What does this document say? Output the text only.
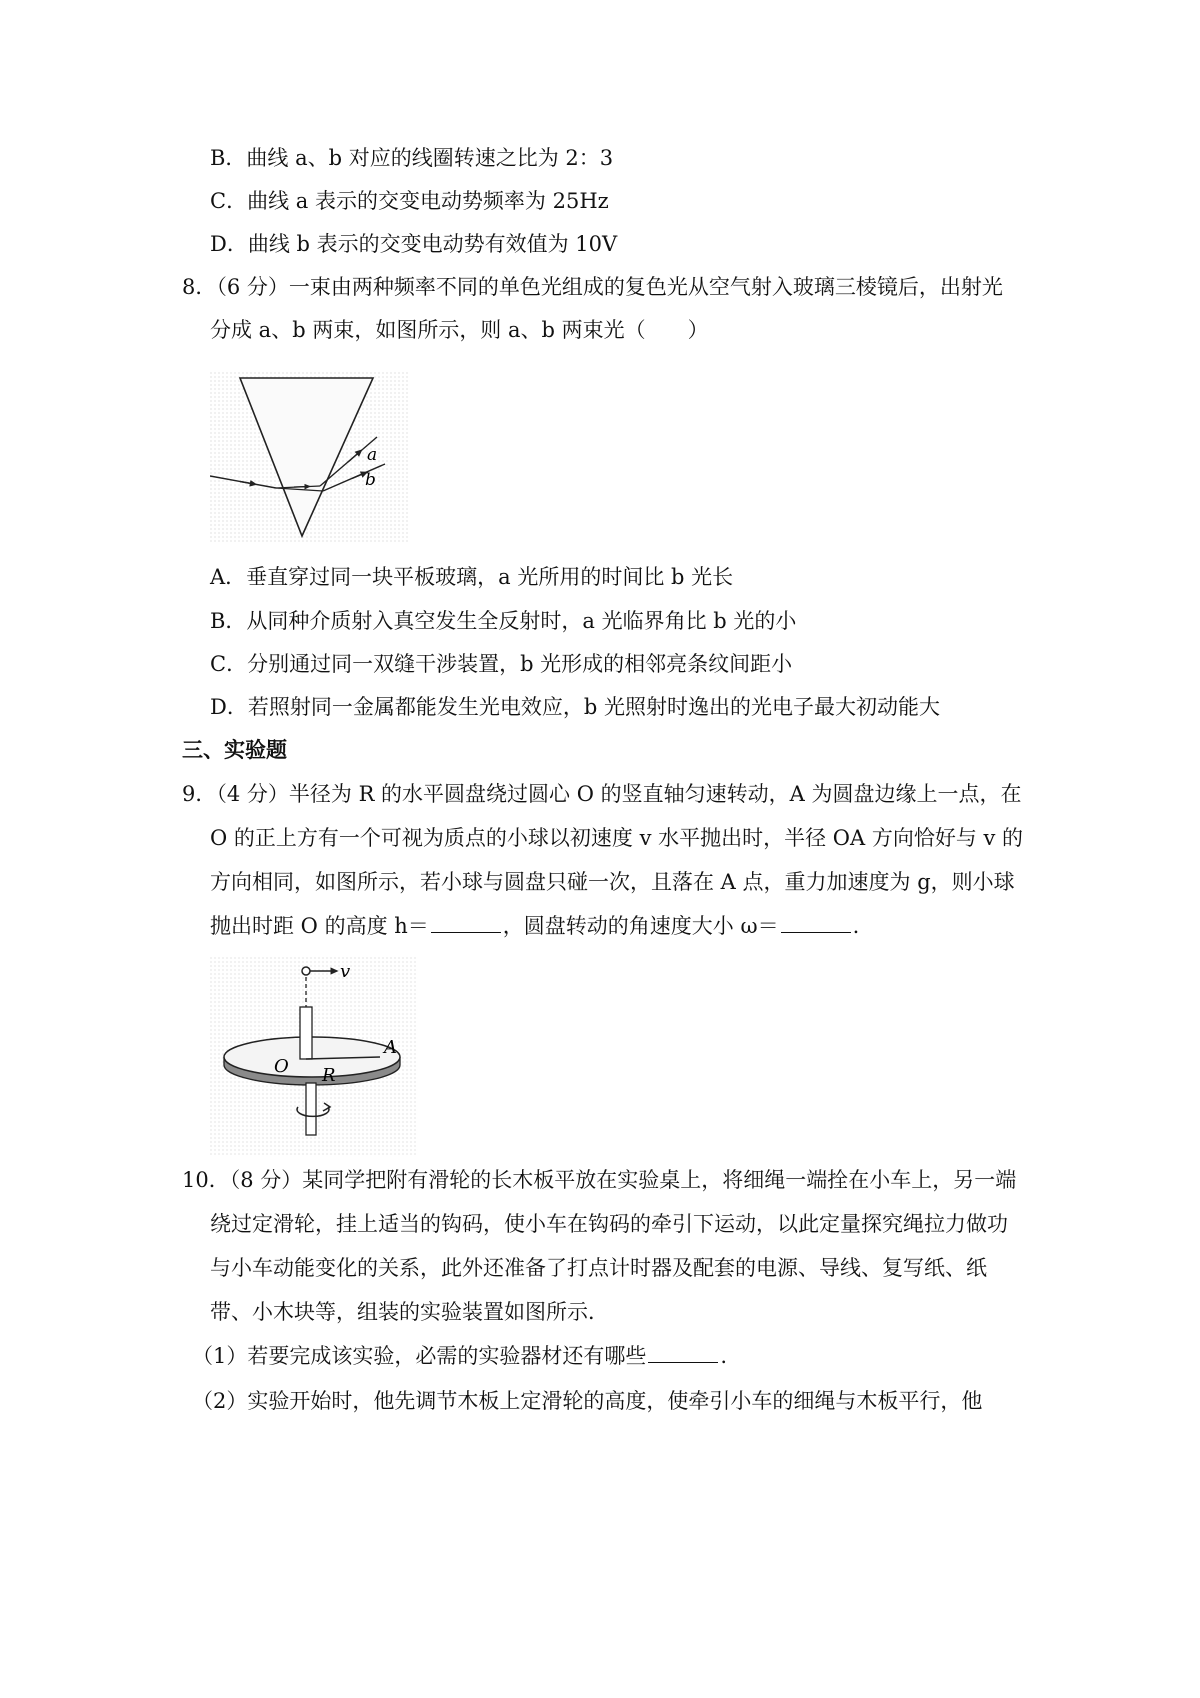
B．曲线 a、b 对应的线圈转速之比为 2：3
C．曲线 a 表示的交变电动势频率为 25Hz
D．曲线 b 表示的交变电动势有效值为 10V
8．（6 分）一束由两种频率不同的单色光组成的复色光从空气射入玻璃三棱镜后，出射光
分成 a、b 两束，如图所示，则 a、b 两束光（　　）
a
b
A．垂直穿过同一块平板玻璃，a 光所用的时间比 b 光长
B．从同种介质射入真空发生全反射时，a 光临界角比 b 光的小
C．分别通过同一双缝干涉装置，b 光形成的相邻亮条纹间距小
D．若照射同一金属都能发生光电效应，b 光照射时逸出的光电子最大初动能大
三、实验题
9．（4 分）半径为 R 的水平圆盘绕过圆心 O 的竖直轴匀速转动，A 为圆盘边缘上一点，在
O 的正上方有一个可视为质点的小球以初速度 v 水平抛出时，半径 OA 方向恰好与 v 的
方向相同，如图所示，若小球与圆盘只碰一次，且落在 A 点，重力加速度为 g，则小球
抛出时距 O 的高度 h＝	，圆盘转动的角速度大小 ω＝	.
v
O
A
R
10．（8 分）某同学把附有滑轮的长木板平放在实验桌上，将细绳一端拴在小车上，另一端
绕过定滑轮，挂上适当的钩码，使小车在钩码的牵引下运动，以此定量探究绳拉力做功
与小车动能变化的关系，此外还准备了打点计时器及配套的电源、导线、复写纸、纸
带、小木块等，组装的实验装置如图所示．
（1）若要完成该实验，必需的实验器材还有哪些	.
（2）实验开始时，他先调节木板上定滑轮的高度，使牵引小车的细绳与木板平行，他
